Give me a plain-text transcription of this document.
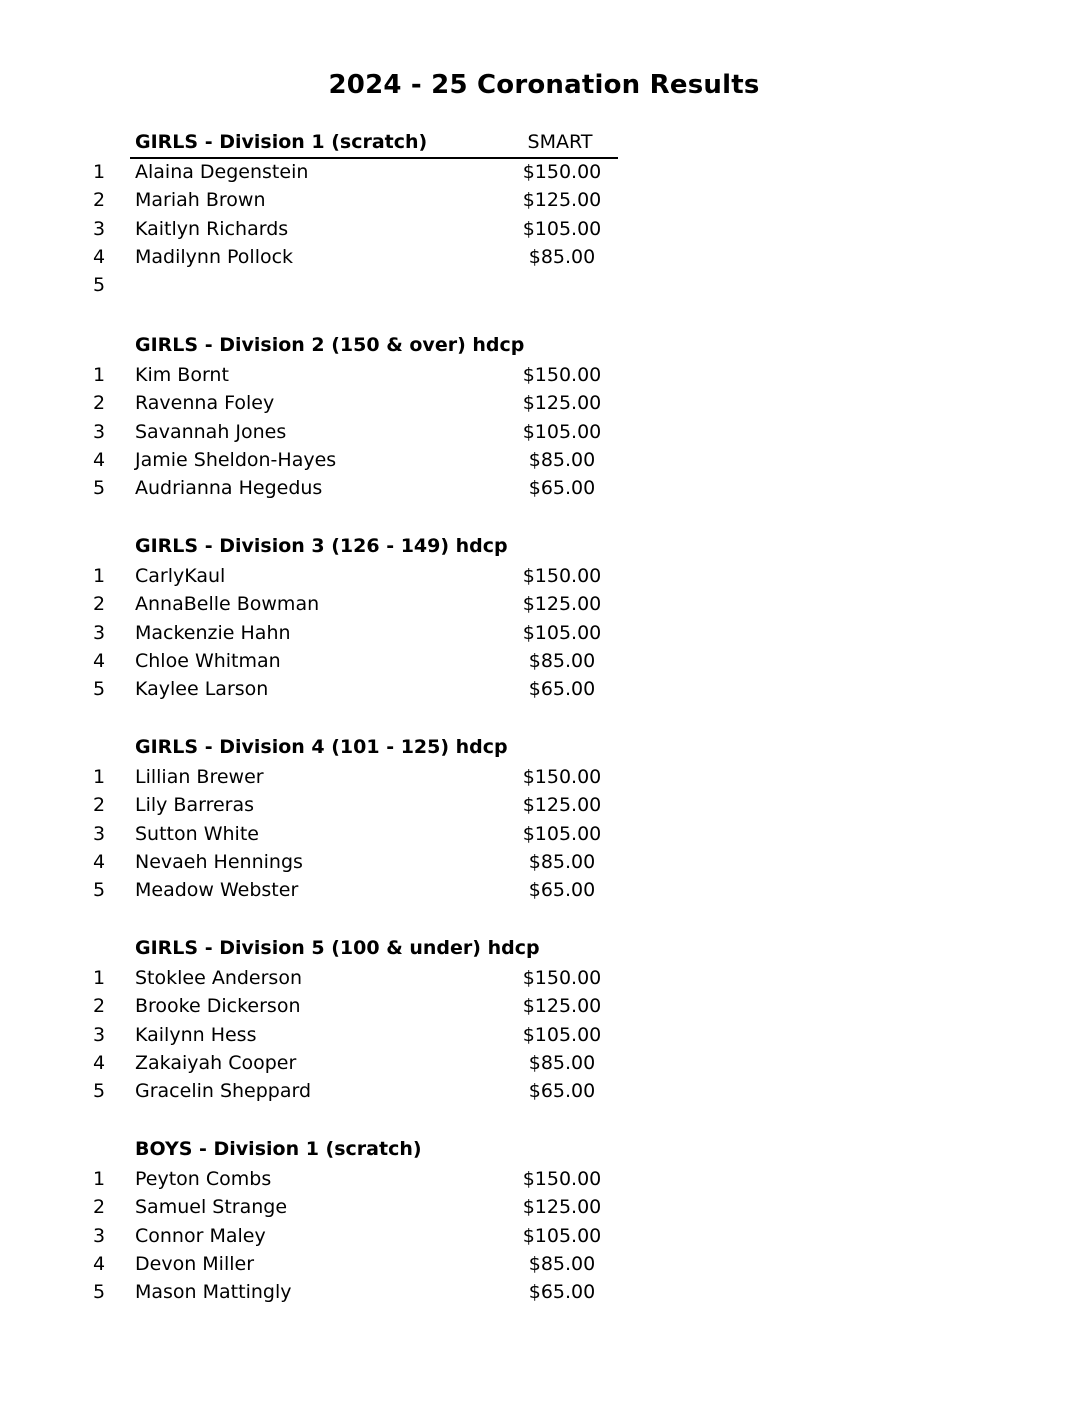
2024 - 25 Coronation Results
GIRLS - Division 1 (scratch)	SMART
1 Alaina Degenstein	$150.00
2 Mariah Brown	$125.00
3 Kaitlyn Richards	$105.00
4 Madilynn Pollock	$85.00
5
GIRLS - Division 2 (150 & over) hdcp
1 Kim Bornt	$150.00
2 Ravenna Foley	$125.00
3 Savannah Jones	$105.00
4 Jamie Sheldon-Hayes	$85.00
5 Audrianna Hegedus	$65.00
GIRLS - Division 3 (126 - 149) hdcp
1 CarlyKaul	$150.00
2 AnnaBelle Bowman	$125.00
3 Mackenzie Hahn	$105.00
4 Chloe Whitman	$85.00
5 Kaylee Larson	$65.00
GIRLS - Division 4 (101 - 125) hdcp
1 Lillian Brewer	$150.00
2 Lily Barreras	$125.00
3 Sutton White	$105.00
4 Nevaeh Hennings	$85.00
5 Meadow Webster	$65.00
GIRLS - Division 5 (100 & under) hdcp
1 Stoklee Anderson	$150.00
2 Brooke Dickerson	$125.00
3 Kailynn Hess	$105.00
4 Zakaiyah Cooper	$85.00
5 Gracelin Sheppard	$65.00
BOYS - Division 1 (scratch)
1 Peyton Combs	$150.00
2 Samuel Strange	$125.00
3 Connor Maley	$105.00
4 Devon Miller	$85.00
5 Mason Mattingly	$65.00
